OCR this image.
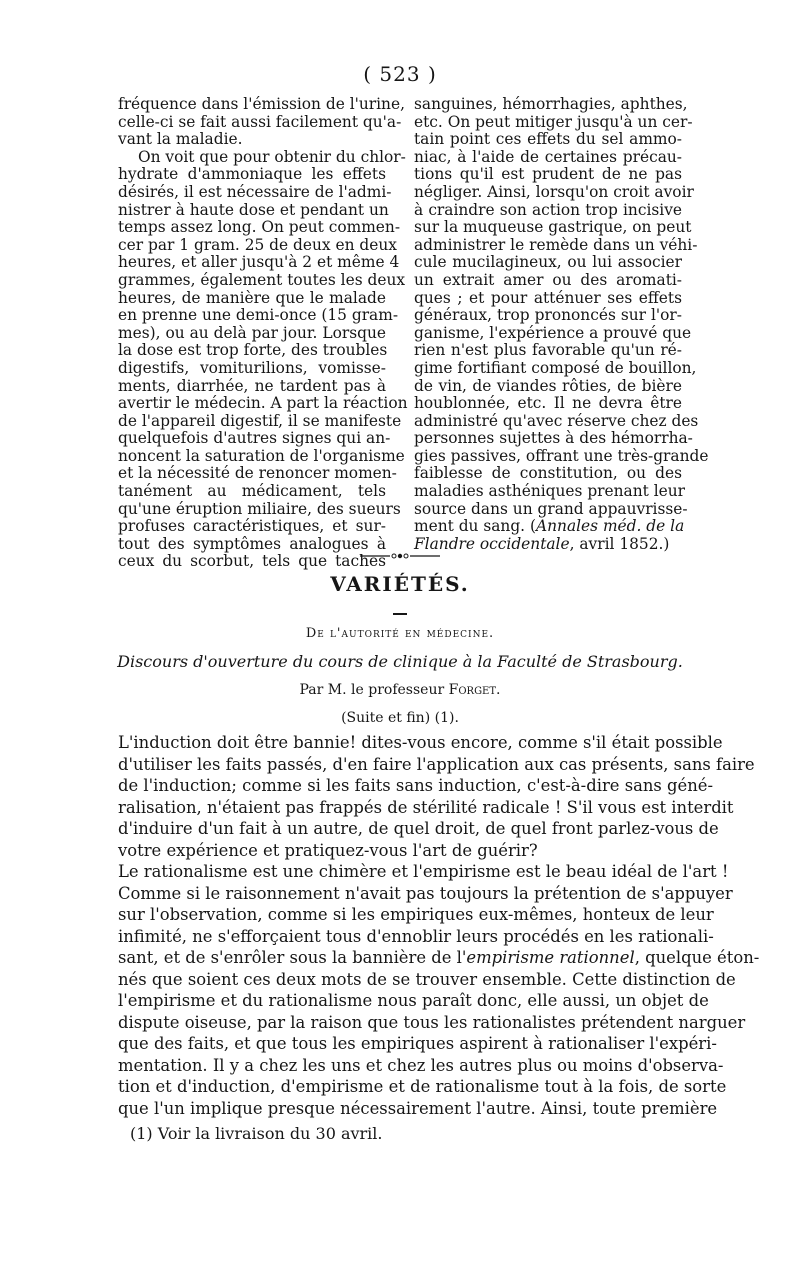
( 523 )
fréquence dans l'émission de l'urine,
celle-ci se fait aussi facilement qu'a-
vant la maladie.
On voit que pour obtenir du chlor-
hydrate d'ammoniaque les effets
désirés, il est nécessaire de l'admi-
nistrer à haute dose et pendant un
temps assez long. On peut commen-
cer par 1 gram. 25 de deux en deux
heures, et aller jusqu'à 2 et même 4
grammes, également toutes les deux
heures, de manière que le malade
en prenne une demi-once (15 gram-
mes), ou au delà par jour. Lorsque
la dose est trop forte, des troubles
digestifs, vomiturilions, vomisse-
ments, diarrhée, ne tardent pas à
avertir le médecin. A part la réaction
de l'appareil digestif, il se manifeste
quelquefois d'autres signes qui an-
noncent la saturation de l'organisme
et la nécessité de renoncer momen-
tanément au médicament, tels
qu'une éruption miliaire, des sueurs
profuses caractéristiques, et sur-
tout des symptômes analogues à
ceux du scorbut, tels que taches
sanguines, hémorrhagies, aphthes,
etc. On peut mitiger jusqu'à un cer-
tain point ces effets du sel ammo-
niac, à l'aide de certaines précau-
tions qu'il est prudent de ne pas
négliger. Ainsi, lorsqu'on croit avoir
à craindre son action trop incisive
sur la muqueuse gastrique, on peut
administrer le remède dans un véhi-
cule mucilagineux, ou lui associer
un extrait amer ou des aromati-
ques ; et pour atténuer ses effets
généraux, trop prononcés sur l'or-
ganisme, l'expérience a prouvé que
rien n'est plus favorable qu'un ré-
gime fortifiant composé de bouillon,
de vin, de viandes rôties, de bière
houblonnée, etc. Il ne devra être
administré qu'avec réserve chez des
personnes sujettes à des hémorrha-
gies passives, offrant une très-grande
faiblesse de constitution, ou des
maladies asthéniques prenant leur
source dans un grand appauvrisse-
ment du sang. (Annales méd. de la
Flandre occidentale, avril 1852.)
VARIÉTÉS.
De l'autorité en médecine.
Discours d'ouverture du cours de clinique à la Faculté de Strasbourg.
Par M. le professeur Forget.
(Suite et fin) (1).
L'induction doit être bannie! dites-vous encore, comme s'il était possible
d'utiliser les faits passés, d'en faire l'application aux cas présents, sans faire
de l'induction; comme si les faits sans induction, c'est-à-dire sans géné-
ralisation, n'étaient pas frappés de stérilité radicale ! S'il vous est interdit
d'induire d'un fait à un autre, de quel droit, de quel front parlez-vous de
votre expérience et pratiquez-vous l'art de guérir?
Le rationalisme est une chimère et l'empirisme est le beau idéal de l'art !
Comme si le raisonnement n'avait pas toujours la prétention de s'appuyer
sur l'observation, comme si les empiriques eux-mêmes, honteux de leur
infimité, ne s'efforçaient tous d'ennoblir leurs procédés en les rationali-
sant, et de s'enrôler sous la bannière de l'empirisme rationnel, quelque éton-
nés que soient ces deux mots de se trouver ensemble. Cette distinction de
l'empirisme et du rationalisme nous paraît donc, elle aussi, un objet de
dispute oiseuse, par la raison que tous les rationalistes prétendent narguer
que des faits, et que tous les empiriques aspirent à rationaliser l'expéri-
mentation. Il y a chez les uns et chez les autres plus ou moins d'observa-
tion et d'induction, d'empirisme et de rationalisme tout à la fois, de sorte
que l'un implique presque nécessairement l'autre. Ainsi, toute première
(1) Voir la livraison du 30 avril.
